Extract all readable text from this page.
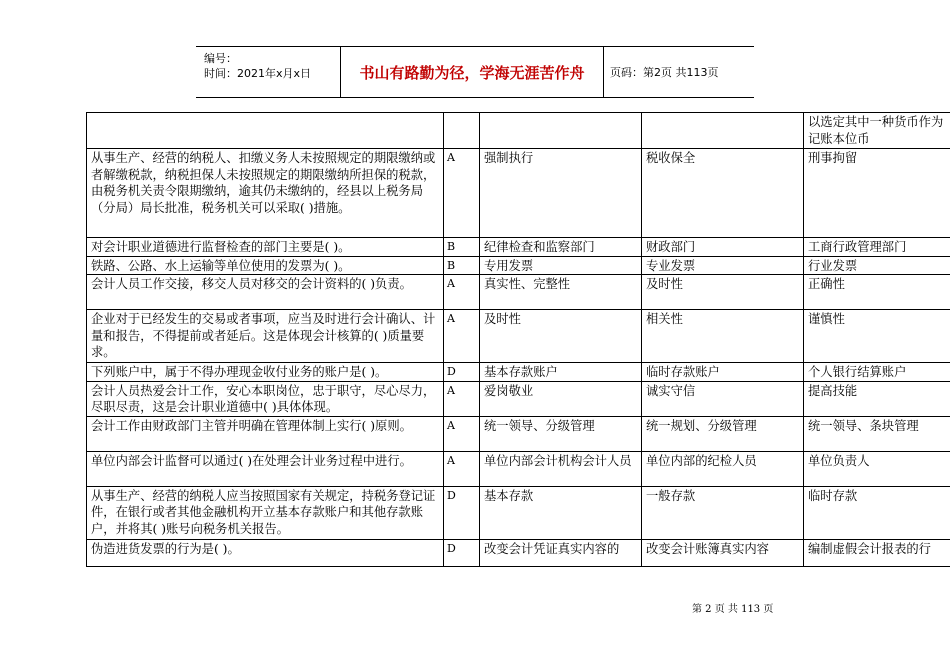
编号：
时间：2021年x月x日	书山有路勤为径，学海无涯苦作舟	页码：第2页 共113页
				以选定其中一种货币作为记账本位币
从事生产、经营的纳税人、扣缴义务人未按照规定的期限缴纳或者解缴税款，纳税担保人未按照规定的期限缴纳所担保的税款，由税务机关责令限期缴纳，逾其仍未缴纳的，经县以上税务局（分局）局长批准，税务机关可以采取( )措施。	A	强制执行	税收保全	刑事拘留
对会计职业道德进行监督检查的部门主要是( )。	B	纪律检查和监察部门	财政部门	工商行政管理部门
铁路、公路、水上运输等单位使用的发票为( )。	B	专用发票	专业发票	行业发票
会计人员工作交接，移交人员对移交的会计资料的( )负责。	A	真实性、完整性	及时性	正确性
企业对于已经发生的交易或者事项，应当及时进行会计确认、计量和报告，不得提前或者延后。这是体现会计核算的( )质量要求。	A	及时性	相关性	谨慎性
下列账户中，属于不得办理现金收付业务的账户是( )。	D	基本存款账户	临时存款账户	个人银行结算账户
会计人员热爱会计工作，安心本职岗位，忠于职守，尽心尽力，尽职尽责，这是会计职业道德中( )具体体现。	A	爱岗敬业	诚实守信	提高技能
会计工作由财政部门主管并明确在管理体制上实行( )原则。	A	统一领导、分级管理	统一规划、分级管理	统一领导、条块管理
单位内部会计监督可以通过( )在处理会计业务过程中进行。	A	单位内部会计机构会计人员	单位内部的纪检人员	单位负责人
从事生产、经营的纳税人应当按照国家有关规定，持税务登记证件，在银行或者其他金融机构开立基本存款账户和其他存款账户，并将其( )账号向税务机关报告。	D	基本存款	一般存款	临时存款
伪造进货发票的行为是( )。	D	改变会计凭证真实内容的	改变会计账簿真实内容	编制虚假会计报表的行
第 2 页 共 113 页
